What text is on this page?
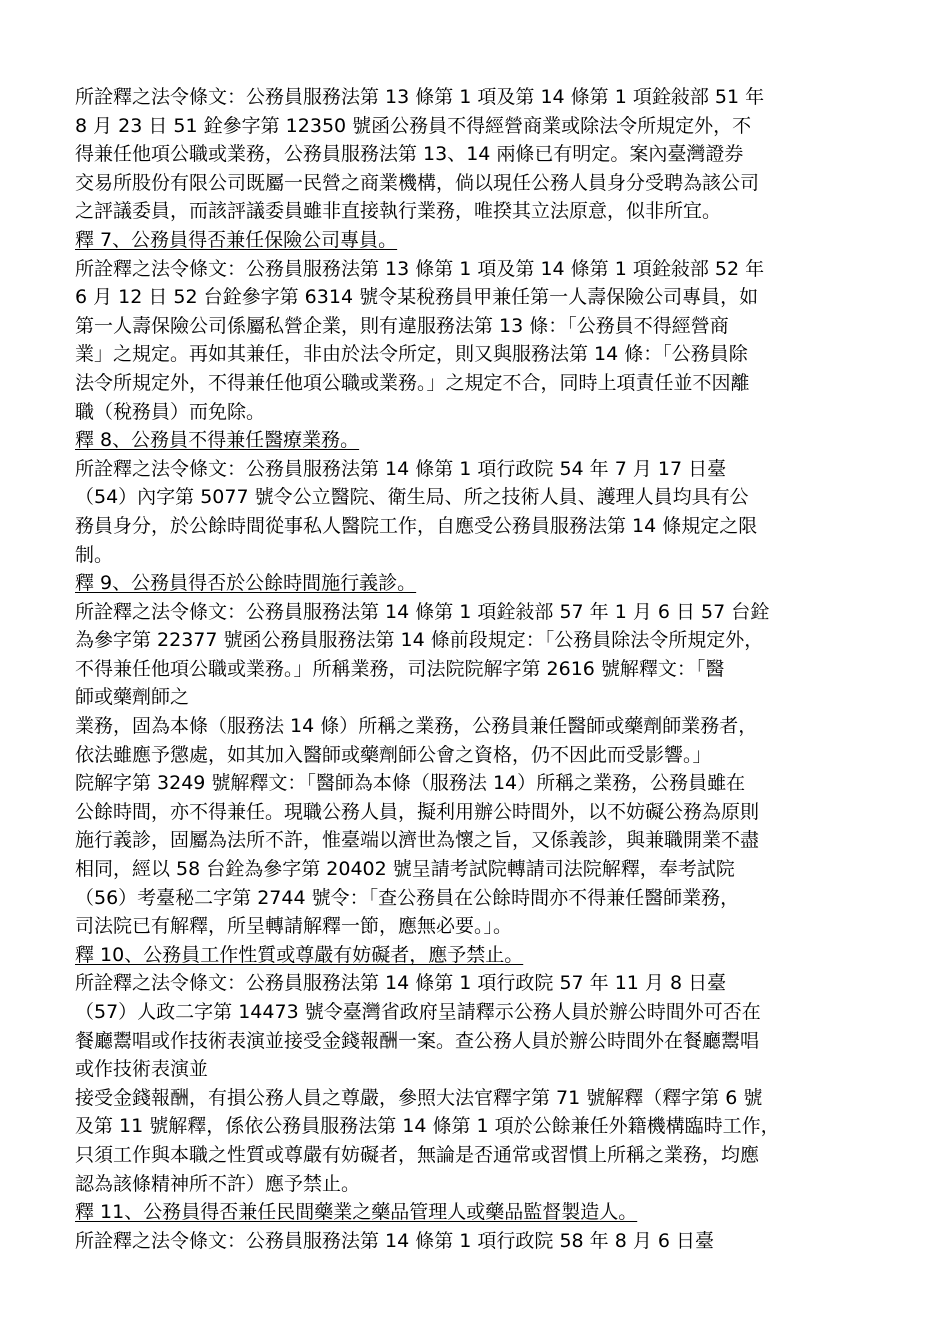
所詮釋之法令條文：公務員服務法第 13 條第 1 項及第 14 條第 1 項銓敍部 51 年
8 月 23 日 51 銓參字第 12350 號函公務員不得經營商業或除法令所規定外，不
得兼任他項公職或業務，公務員服務法第 13、14 兩條已有明定。案內臺灣證券
交易所股份有限公司既屬一民營之商業機構，倘以現任公務人員身分受聘為該公司
之評議委員，而該評議委員雖非直接執行業務，唯揆其立法原意，似非所宜。
釋 7、公務員得否兼任保險公司專員。
所詮釋之法令條文：公務員服務法第 13 條第 1 項及第 14 條第 1 項銓敍部 52 年
6 月 12 日 52 台銓參字第 6314 號令某稅務員甲兼任第一人壽保險公司專員，如
第一人壽保險公司係屬私營企業，則有違服務法第 13 條：「公務員不得經營商
業」之規定。再如其兼任，非由於法令所定，則又與服務法第 14 條：「公務員除
法令所規定外，不得兼任他項公職或業務。」之規定不合，同時上項責任並不因離
職（稅務員）而免除。
釋 8、公務員不得兼任醫療業務。
所詮釋之法令條文：公務員服務法第 14 條第 1 項行政院 54 年 7 月 17 日臺
（54）內字第 5077 號令公立醫院、衛生局、所之技術人員、護理人員均具有公
務員身分，於公餘時間從事私人醫院工作，自應受公務員服務法第 14 條規定之限
制。
釋 9、公務員得否於公餘時間施行義診。
所詮釋之法令條文：公務員服務法第 14 條第 1 項銓敍部 57 年 1 月 6 日 57 台銓
為參字第 22377 號函公務員服務法第 14 條前段規定：「公務員除法令所規定外，
不得兼任他項公職或業務。」所稱業務，司法院院解字第 2616 號解釋文：「醫
師或藥劑師之
業務，固為本條（服務法 14 條）所稱之業務，公務員兼任醫師或藥劑師業務者，
依法雖應予懲處，如其加入醫師或藥劑師公會之資格，仍不因此而受影響。」
院解字第 3249 號解釋文：「醫師為本條（服務法 14）所稱之業務，公務員雖在
公餘時間，亦不得兼任。現職公務人員，擬利用辦公時間外，以不妨礙公務為原則
施行義診，固屬為法所不許，惟臺端以濟世為懷之旨，又係義診，與兼職開業不盡
相同，經以 58 台銓為參字第 20402 號呈請考試院轉請司法院解釋，奉考試院
（56）考臺秘二字第 2744 號令：「查公務員在公餘時間亦不得兼任醫師業務，
司法院已有解釋，所呈轉請解釋一節，應無必要。」。
釋 10、公務員工作性質或尊嚴有妨礙者，應予禁止。
所詮釋之法令條文：公務員服務法第 14 條第 1 項行政院 57 年 11 月 8 日臺
（57）人政二字第 14473 號令臺灣省政府呈請釋示公務人員於辦公時間外可否在
餐廳鬻唱或作技術表演並接受金錢報酬一案。查公務人員於辦公時間外在餐廳鬻唱
或作技術表演並
接受金錢報酬，有損公務人員之尊嚴，參照大法官釋字第 71 號解釋（釋字第 6 號
及第 11 號解釋，係依公務員服務法第 14 條第 1 項於公餘兼任外籍機構臨時工作，
只須工作與本職之性質或尊嚴有妨礙者，無論是否通常或習慣上所稱之業務，均應
認為該條精神所不許）應予禁止。
釋 11、公務員得否兼任民間藥業之藥品管理人或藥品監督製造人。
所詮釋之法令條文：公務員服務法第 14 條第 1 項行政院 58 年 8 月 6 日臺
